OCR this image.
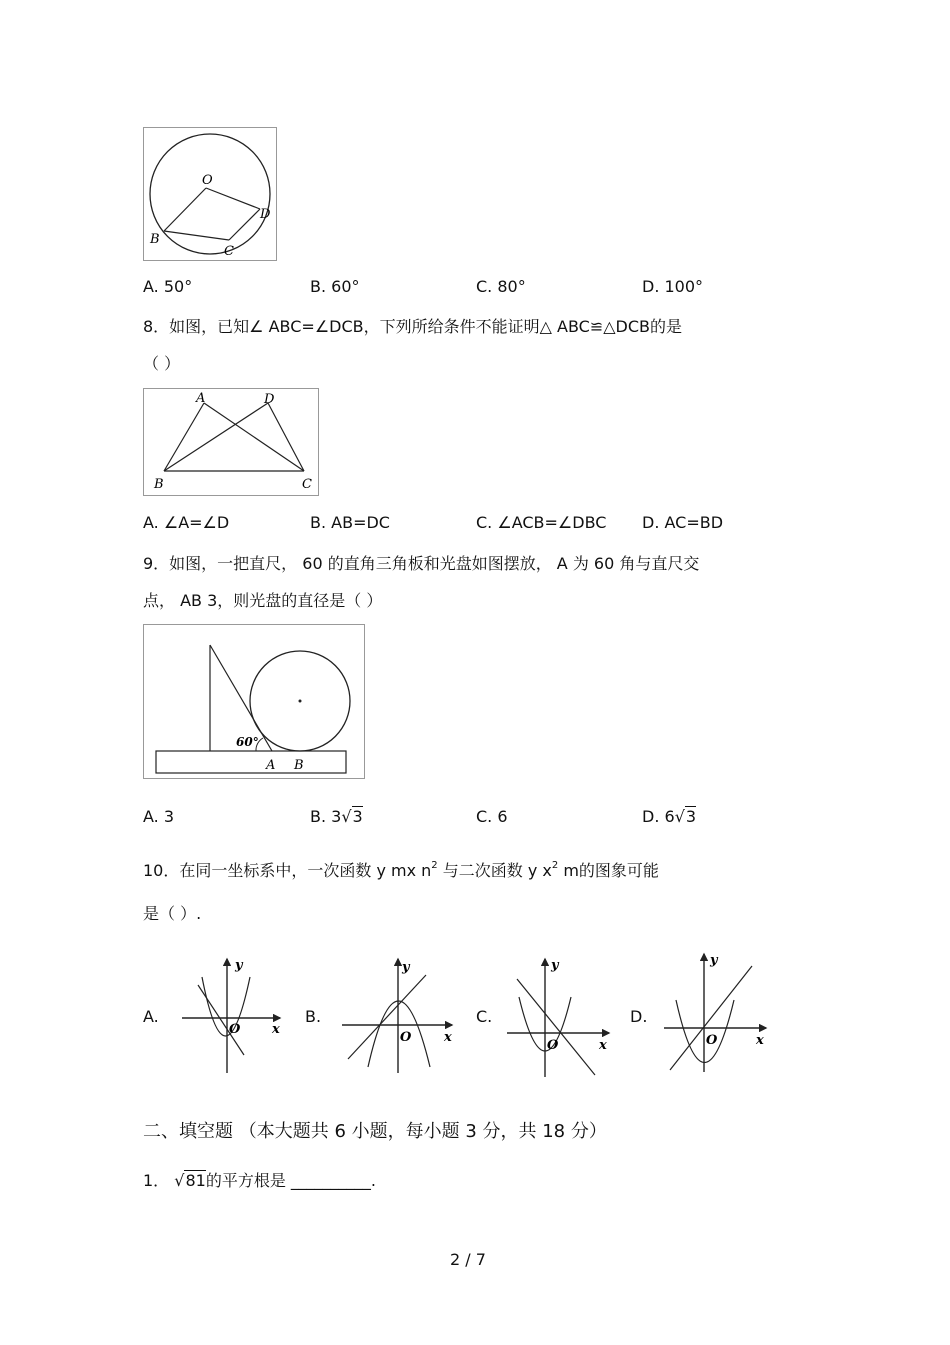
O
B
C
D
A. 50°	B. 60°	C. 80°	D. 100°
8．如图，已知∠ ABC=∠DCB，下列所给条件不能证明△ ABC≌△DCB的是
（ ）
A	D
B	C
A. ∠A=∠D	B. AB=DC	C. ∠ACB=∠DBC D. AC=BD
9．如图，一把直尺， 60 的直角三角板和光盘如图摆放， A 为 60 角与直尺交
点， AB 3，则光盘的直径是（ ）
60°
A B
A. 3	B. 3√3	C. 6	D. 6√3
10．在同一坐标系中，一次函数 y mx $n^2$ 与二次函数 y $x^2$ m的图象可能
是（ ）.
A.	B.	C.	D.
y
x
O
y
x
O
y
x
O
y
x
O
二、填空题 （本大题共 6 小题，每小题 3 分，共 18 分）
1． √81的平方根是 __________.
2 / 7
